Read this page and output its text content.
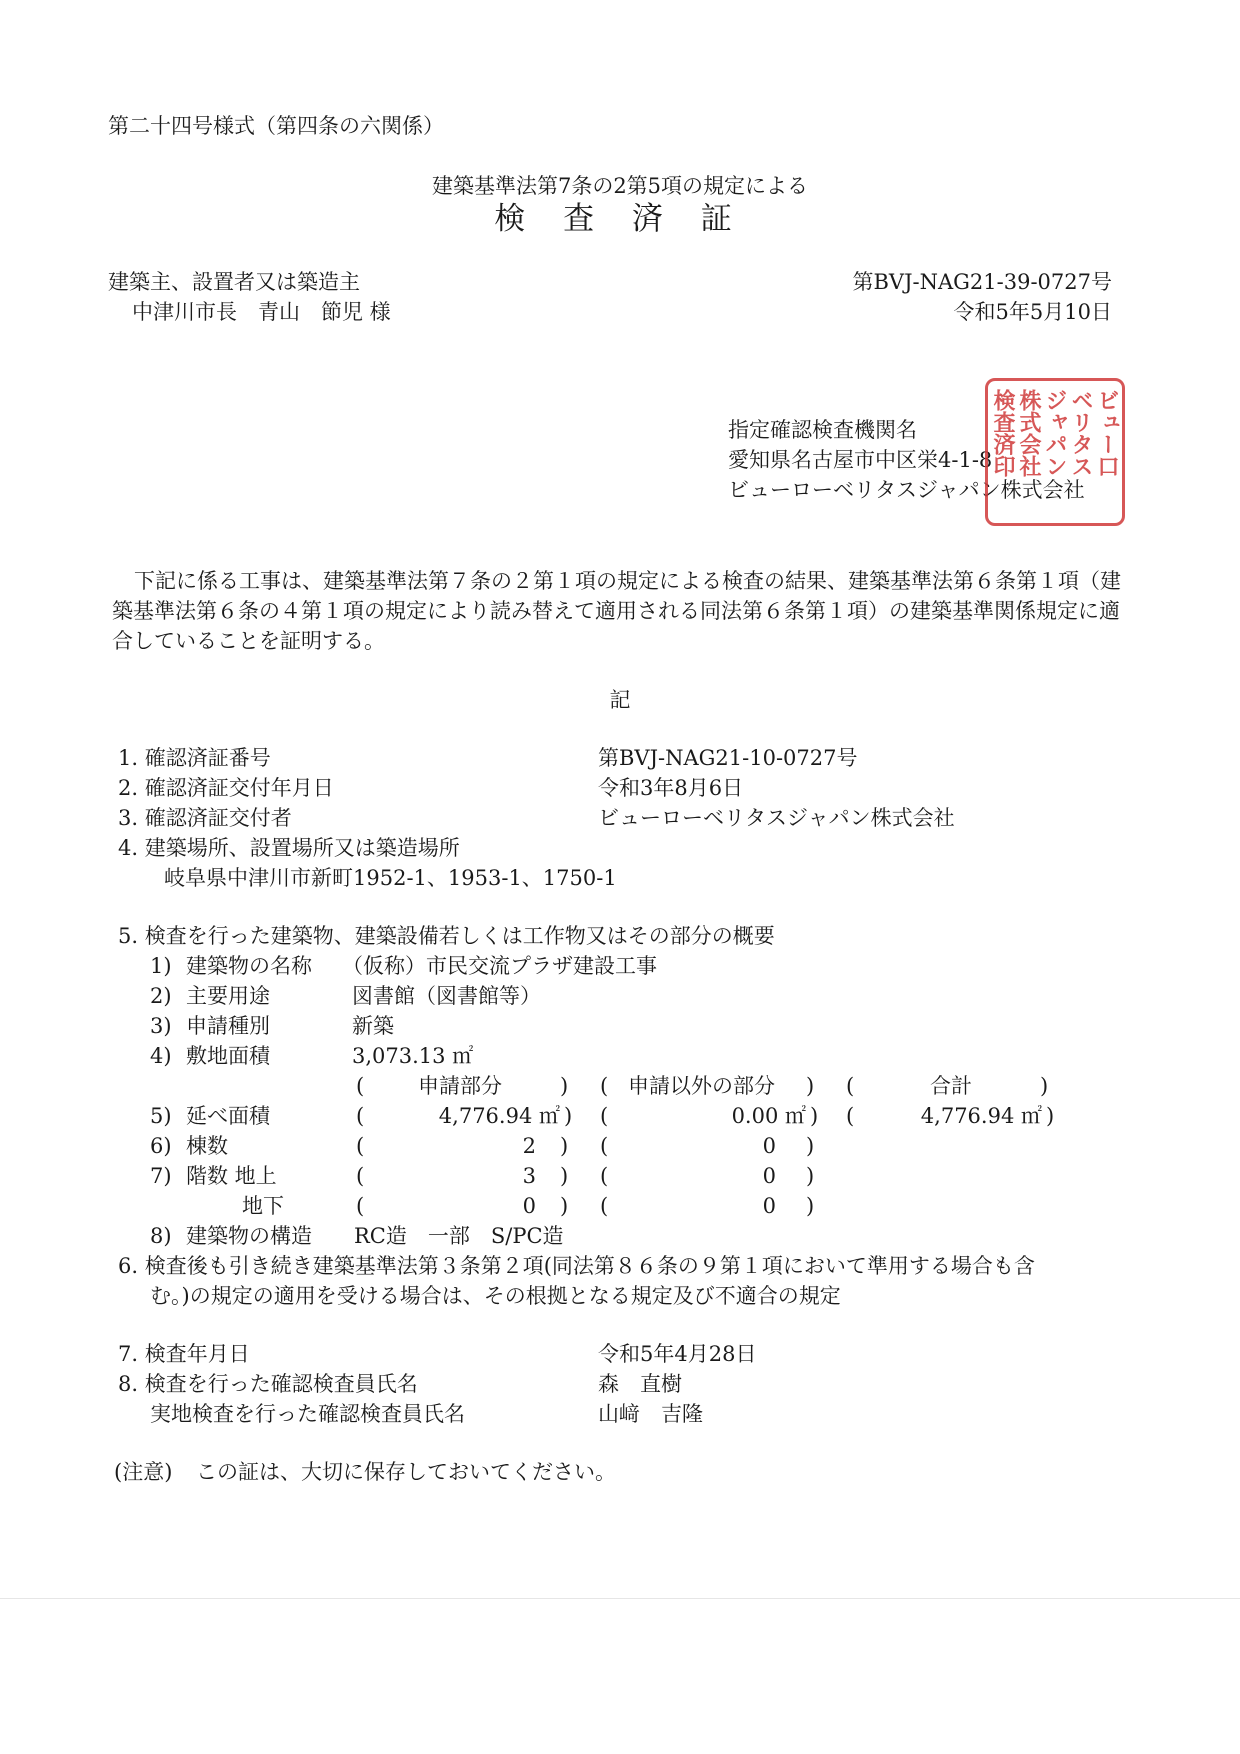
第二十四号様式（第四条の六関係）
建築基準法第7条の2第5項の規定による
検 査 済 証
建築主、設置者又は築造主
中津川市長　青山　節児 様
第BVJ-NAG21-39-0727号
令和5年5月10日
指定確認検査機関名
愛知県名古屋市中区栄4-1-8
ビューローベリタスジャパン株式会社
ビュー口
ベリタス
ジャパン
株式会社
検査済印
下記に係る工事は、建築基準法第７条の２第１項の規定による検査の結果、建築基準法第６条第１項（建築基準法第６条の４第１項の規定により読み替えて適用される同法第６条第１項）の建築基準関係規定に適合していることを証明する。
記
1. 確認済証番号	第BVJ-NAG21-10-0727号
2. 確認済証交付年月日	令和3年8月6日
3. 確認済証交付者	ビューローベリタスジャパン株式会社
4. 建築場所、設置場所又は築造場所
岐阜県中津川市新町1952-1、1953-1、1750-1
5. 検査を行った建築物、建築設備若しくは工作物又はその部分の概要
1) 建築物の名称 （仮称）市民交流プラザ建設工事
2) 主要用途	図書館（図書館等）
3) 申請種別	新築
4) 敷地面積	3,073.13 ㎡
(	申請部分	) ( 申請以外の部分 ) (	合計	)
5) 延べ面積	(	4,776.94 ㎡ ) (	0.00 ㎡ ) (	4,776.94 ㎡ )
6) 棟数	(	2 ) (	0 )
7) 階数 地上	(	3 ) (	0 )
地下	(	0 ) (	0 )
8) 建築物の構造 RC造　一部　S/PC造
6. 検査後も引き続き建築基準法第３条第２項(同法第８６条の９第１項において準用する場合も含
む。)の規定の適用を受ける場合は、その根拠となる規定及び不適合の規定
7. 検査年月日	令和5年4月28日
8. 検査を行った確認検査員氏名	森　直樹
実地検査を行った確認検査員氏名	山﨑　吉隆
(注意) この証は、大切に保存しておいてください。
